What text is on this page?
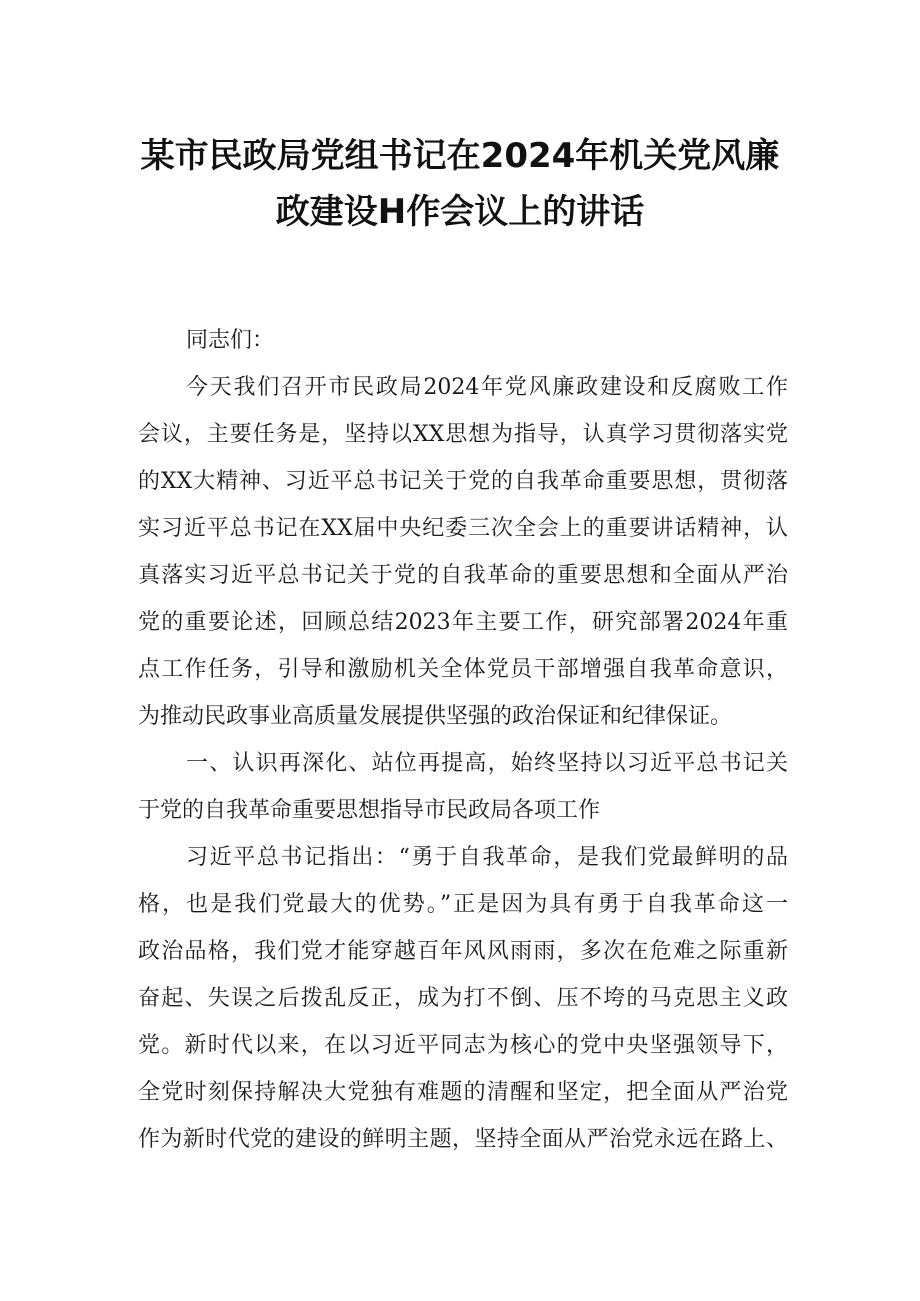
某市民政局党组书记在2024年机关党风廉
政建设H作会议上的讲话
同志们：
今天我们召开市民政局2024年党风廉政建设和反腐败工作
会议，主要任务是，坚持以XX思想为指导，认真学习贯彻落实党
的XX大精神、习近平总书记关于党的自我革命重要思想，贯彻落
实习近平总书记在XX届中央纪委三次全会上的重要讲话精神，认
真落实习近平总书记关于党的自我革命的重要思想和全面从严治
党的重要论述，回顾总结2023年主要工作，研究部署2024年重
点工作任务，引导和激励机关全体党员干部增强自我革命意识，
为推动民政事业高质量发展提供坚强的政治保证和纪律保证。
一、认识再深化、站位再提高，始终坚持以习近平总书记关
于党的自我革命重要思想指导市民政局各项工作
习近平总书记指出：“勇于自我革命，是我们党最鲜明的品
格，也是我们党最大的优势。”正是因为具有勇于自我革命这一
政治品格，我们党才能穿越百年风风雨雨，多次在危难之际重新
奋起、失误之后拨乱反正，成为打不倒、压不垮的马克思主义政
党。新时代以来，在以习近平同志为核心的党中央坚强领导下，
全党时刻保持解决大党独有难题的清醒和坚定，把全面从严治党
作为新时代党的建设的鲜明主题，坚持全面从严治党永远在路上、
